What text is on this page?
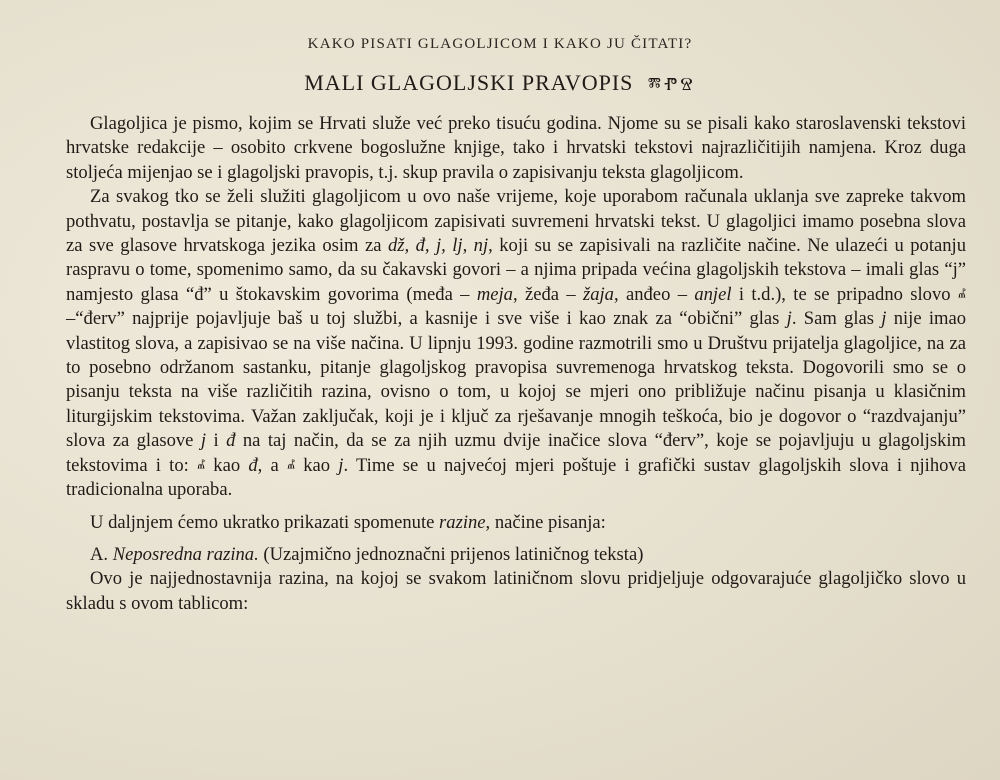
KAKO PISATI GLAGOLJICOM I KAKO JU ČITATI?
MALI GLAGOLJSKI PRAVOPIS ⰿⰒⰔ

Glagoljica je pismo, kojim se Hrvati služe već preko tisuću godina. Njome su se pisali kako staroslavenski tekstovi hrvatske redakcije – osobito crkvene bogoslužne knjige, tako i hrvatski tekstovi najrazličitijih namjena. Kroz duga stoljeća mijenjao se i glagoljski pravopis, t.j. skup pravila o zapisivanju teksta glagoljicom.

Za svakog tko se želi služiti glagoljicom u ovo naše vrijeme, koje uporabom računala uklanja sve zapreke takvom pothvatu, postavlja se pitanje, kako glagoljicom zapisivati suvremeni hrvatski tekst. U glagoljici imamo posebna slova za sve glasove hrvatskoga jezika osim za dž, đ, j, lj, nj, koji su se zapisivali na različite načine. Ne ulazeći u potanju raspravu o tome, spomenimo samo, da su čakavski govori – a njima pripada većina glagoljskih tekstova – imali glas “j” namjesto glasa “đ” u štokavskim govorima (međa – meja, žeđa – žaja, anđeo – anjel i t.d.), te se pripadno slovo ⰼ –“đerv” najprije pojavljuje baš u toj službi, a kasnije i sve više i kao znak za “obični” glas j. Sam glas j nije imao vlastitog slova, a zapisivao se na više načina. U lipnju 1993. godine razmotrili smo u Društvu prijatelja glagoljice, na za to posebno održanom sastanku, pitanje glagoljskog pravopisa suvremenoga hrvatskog teksta. Dogovorili smo se o pisanju teksta na više različitih razina, ovisno o tom, u kojoj se mjeri ono približuje načinu pisanja u klasičnim liturgijskim tekstovima. Važan zaključak, koji je i ključ za rješavanje mnogih teškoća, bio je dogovor o “razdvajanju” slova za glasove j i đ na taj način, da se za njih uzmu dvije inačice slova “đerv”, koje se pojavljuju u glagoljskim tekstovima i to: ⰼ kao đ, a ⰼ kao j. Time se u najvećoj mjeri poštuje i grafički sustav glagoljskih slova i njihova tradicionalna uporaba.

U daljnjem ćemo ukratko prikazati spomenute razine, načine pisanja:

A. Neposredna razina. (Uzajmično jednoznačni prijenos latiničnog teksta)

Ovo je najjednostavnija razina, na kojoj se svakom latiničnom slovu pridjeljuje odgovarajuće glagoljičko slovo u skladu s ovom tablicom:
